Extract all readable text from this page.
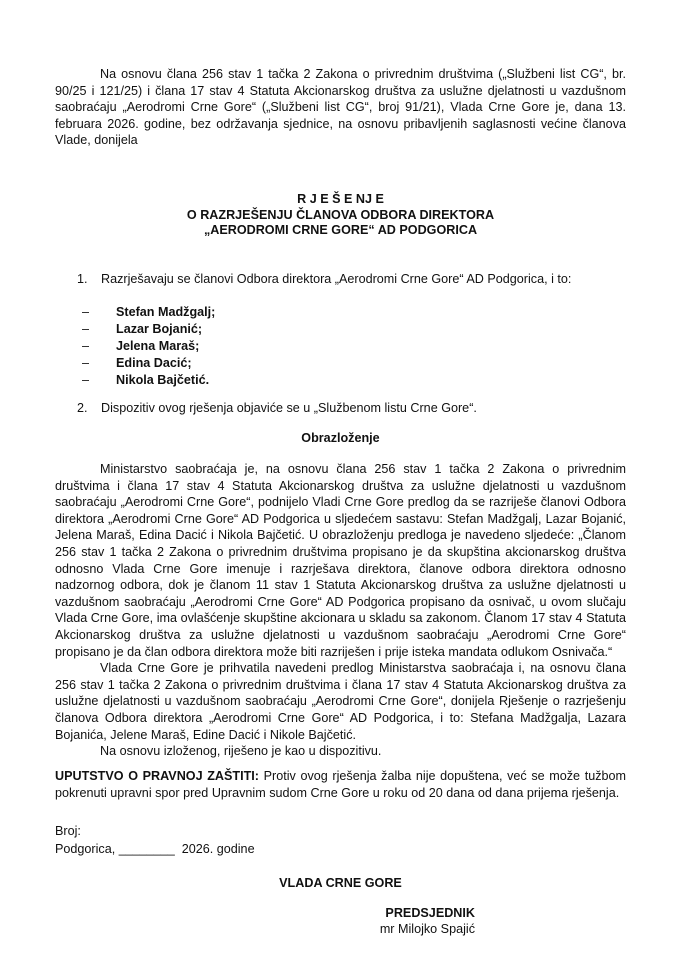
Na osnovu člana 256 stav 1 tačka 2 Zakona o privrednim društvima („Službeni list CG“, br. 90/25 i 121/25) i člana 17 stav 4 Statuta Akcionarskog društva za uslužne djelatnosti u vazdušnom saobraćaju „Aerodromi Crne Gore“ („Službeni list CG“, broj 91/21), Vlada Crne Gore je, dana 13. februara 2026. godine, bez održavanja sjednice, na osnovu pribavljenih saglasnosti većine članova Vlade, donijela

R J E Š E NJ E
O RAZRJEŠENJU ČLANOVA ODBORA DIREKTORA
„AERODROMI CRNE GORE“ AD PODGORICA
1. Razrješavaju se članovi Odbora direktora „Aerodromi Crne Gore“ AD Podgorica, i to:
– Stefan Madžgalj;
– Lazar Bojanić;
– Jelena Maraš;
– Edina Dacić;
– Nikola Bajčetić.
2. Dispozitiv ovog rješenja objaviće se u „Službenom listu Crne Gore“.
Obrazloženje

Ministarstvo saobraćaja je, na osnovu člana 256 stav 1 tačka 2 Zakona o privrednim društvima i člana 17 stav 4 Statuta Akcionarskog društva za uslužne djelatnosti u vazdušnom saobraćaju „Aerodromi Crne Gore“, podnijelo Vladi Crne Gore predlog da se razriješe članovi Odbora direktora „Aerodromi Crne Gore“ AD Podgorica u sljedećem sastavu: Stefan Madžgalj, Lazar Bojanić, Jelena Maraš, Edina Dacić i Nikola Bajčetić. U obrazloženju predloga je navedeno sljedeće: „Članom 256 stav 1 tačka 2 Zakona o privrednim društvima propisano je da skupština akcionarskog društva odnosno Vlada Crne Gore imenuje i razrješava direktora, članove odbora direktora odnosno nadzornog odbora, dok je članom 11 stav 1 Statuta Akcionarskog društva za uslužne djelatnosti u vazdušnom saobraćaju „Aerodromi Crne Gore“ AD Podgorica propisano da osnivač, u ovom slučaju Vlada Crne Gore, ima ovlašćenje skupštine akcionara u skladu sa zakonom. Članom 17 stav 4 Statuta Akcionarskog društva za uslužne djelatnosti u vazdušnom saobraćaju „Aerodromi Crne Gore“ propisano je da član odbora direktora može biti razriješen i prije isteka mandata odlukom Osnivača.“

Vlada Crne Gore je prihvatila navedeni predlog Ministarstva saobraćaja i, na osnovu člana 256 stav 1 tačka 2 Zakona o privrednim društvima i člana 17 stav 4 Statuta Akcionarskog društva za uslužne djelatnosti u vazdušnom saobraćaju „Aerodromi Crne Gore“, donijela Rješenje o razrješenju članova Odbora direktora „Aerodromi Crne Gore“ AD Podgorica, i to: Stefana Madžgalja, Lazara Bojanića, Jelene Maraš, Edine Dacić i Nikole Bajčetić.

Na osnovu izloženog, riješeno je kao u dispozitivu.

UPUTSTVO O PRAVNOJ ZAŠTITI: Protiv ovog rješenja žalba nije dopuštena, već se može tužbom pokrenuti upravni spor pred Upravnim sudom Crne Gore u roku od 20 dana od dana prijema rješenja.
Broj:
Podgorica, ________  2026. godine
VLADA CRNE GORE
PREDSJEDNIK
mr Milojko Spajić
